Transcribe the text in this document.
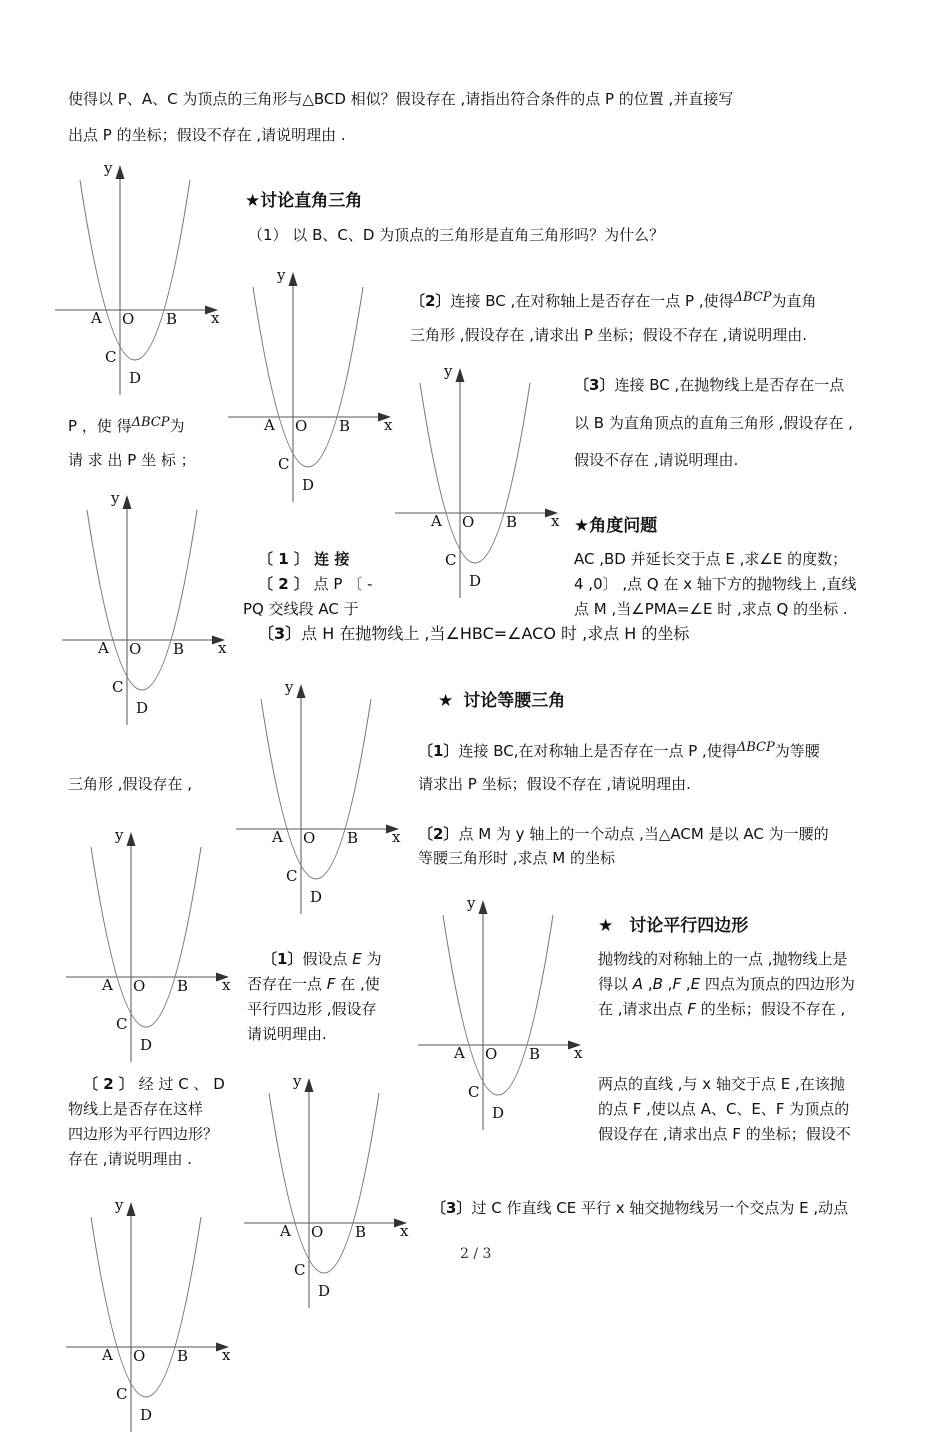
使得以 P、A、C 为顶点的三角形与△BCD 相似？假设存在 ,请指出符合条件的点 P 的位置 ,并直接写
出点 P 的坐标；假设不存在 ,请说明理由 .
y
x
A O B
C
D
y
x
A O B
C
D
y
x
A O B
C
D
y
x
A O B
C
D
y
x
A O B
C
D
y
x
A O B
C
D
y
x
A O B
C
D
y
x
A O B
C
D
y
x
A O B
C
D
★讨论直角三角
（1） 以 B、C、D 为顶点的三角形是直角三角形吗？为什么？
〔2〕连接 BC ,在对称轴上是否存在一点 P ,使得ΔBCP为直角
三角形 ,假设存在 ,请求出 P 坐标；假设不存在 ,请说明理由.
〔3〕连接 BC ,在抛物线上是否存在一点
以 B 为直角顶点的直角三角形 ,假设存在 ,
假设不存在 ,请说明理由.
P ，使 得ΔBCP为
请 求 出 P 坐 标 ；
★角度问题
AC ,BD 并延长交于点 E ,求∠E 的度数；
4 ,0〕 ,点 Q 在 x 轴下方的抛物线上 ,直线
点 M ,当∠PMA=∠E 时 ,求点 Q 的坐标 .
〔 1 〕 连 接
〔 2 〕 点 P 〔 -
PQ 交线段 AC 于
〔3〕点 H 在抛物线上 ,当∠HBC=∠ACO 时 ,求点 H 的坐标
★ 讨论等腰三角
〔1〕连接 BC,在对称轴上是否存在一点 P ,使得ΔBCP为等腰
请求出 P 坐标；假设不存在 ,请说明理由.
三角形 ,假设存在 ,
〔2〕点 M 为 y 轴上的一个动点 ,当△ACM 是以 AC 为一腰的
等腰三角形时 ,求点 M 的坐标
★ 讨论平行四边形
抛物线的对称轴上的一点 ,抛物线上是
得以 A ,B ,F ,E 四点为顶点的四边形为
在 ,请求出点 F 的坐标；假设不存在 ,
〔1〕假设点 E 为
否存在一点 F 在 ,使
平行四边形 ,假设存
请说明理由.
〔 2 〕 经 过 C 、 D
物线上是否存在这样
四边形为平行四边形？
存在 ,请说明理由 .
两点的直线 ,与 x 轴交于点 E ,在该抛
的点 F ,使以点 A、C、E、F 为顶点的
假设存在 ,请求出点 F 的坐标；假设不
〔3〕过 C 作直线 CE 平行 x 轴交抛物线另一个交点为 E ,动点
2 / 3
